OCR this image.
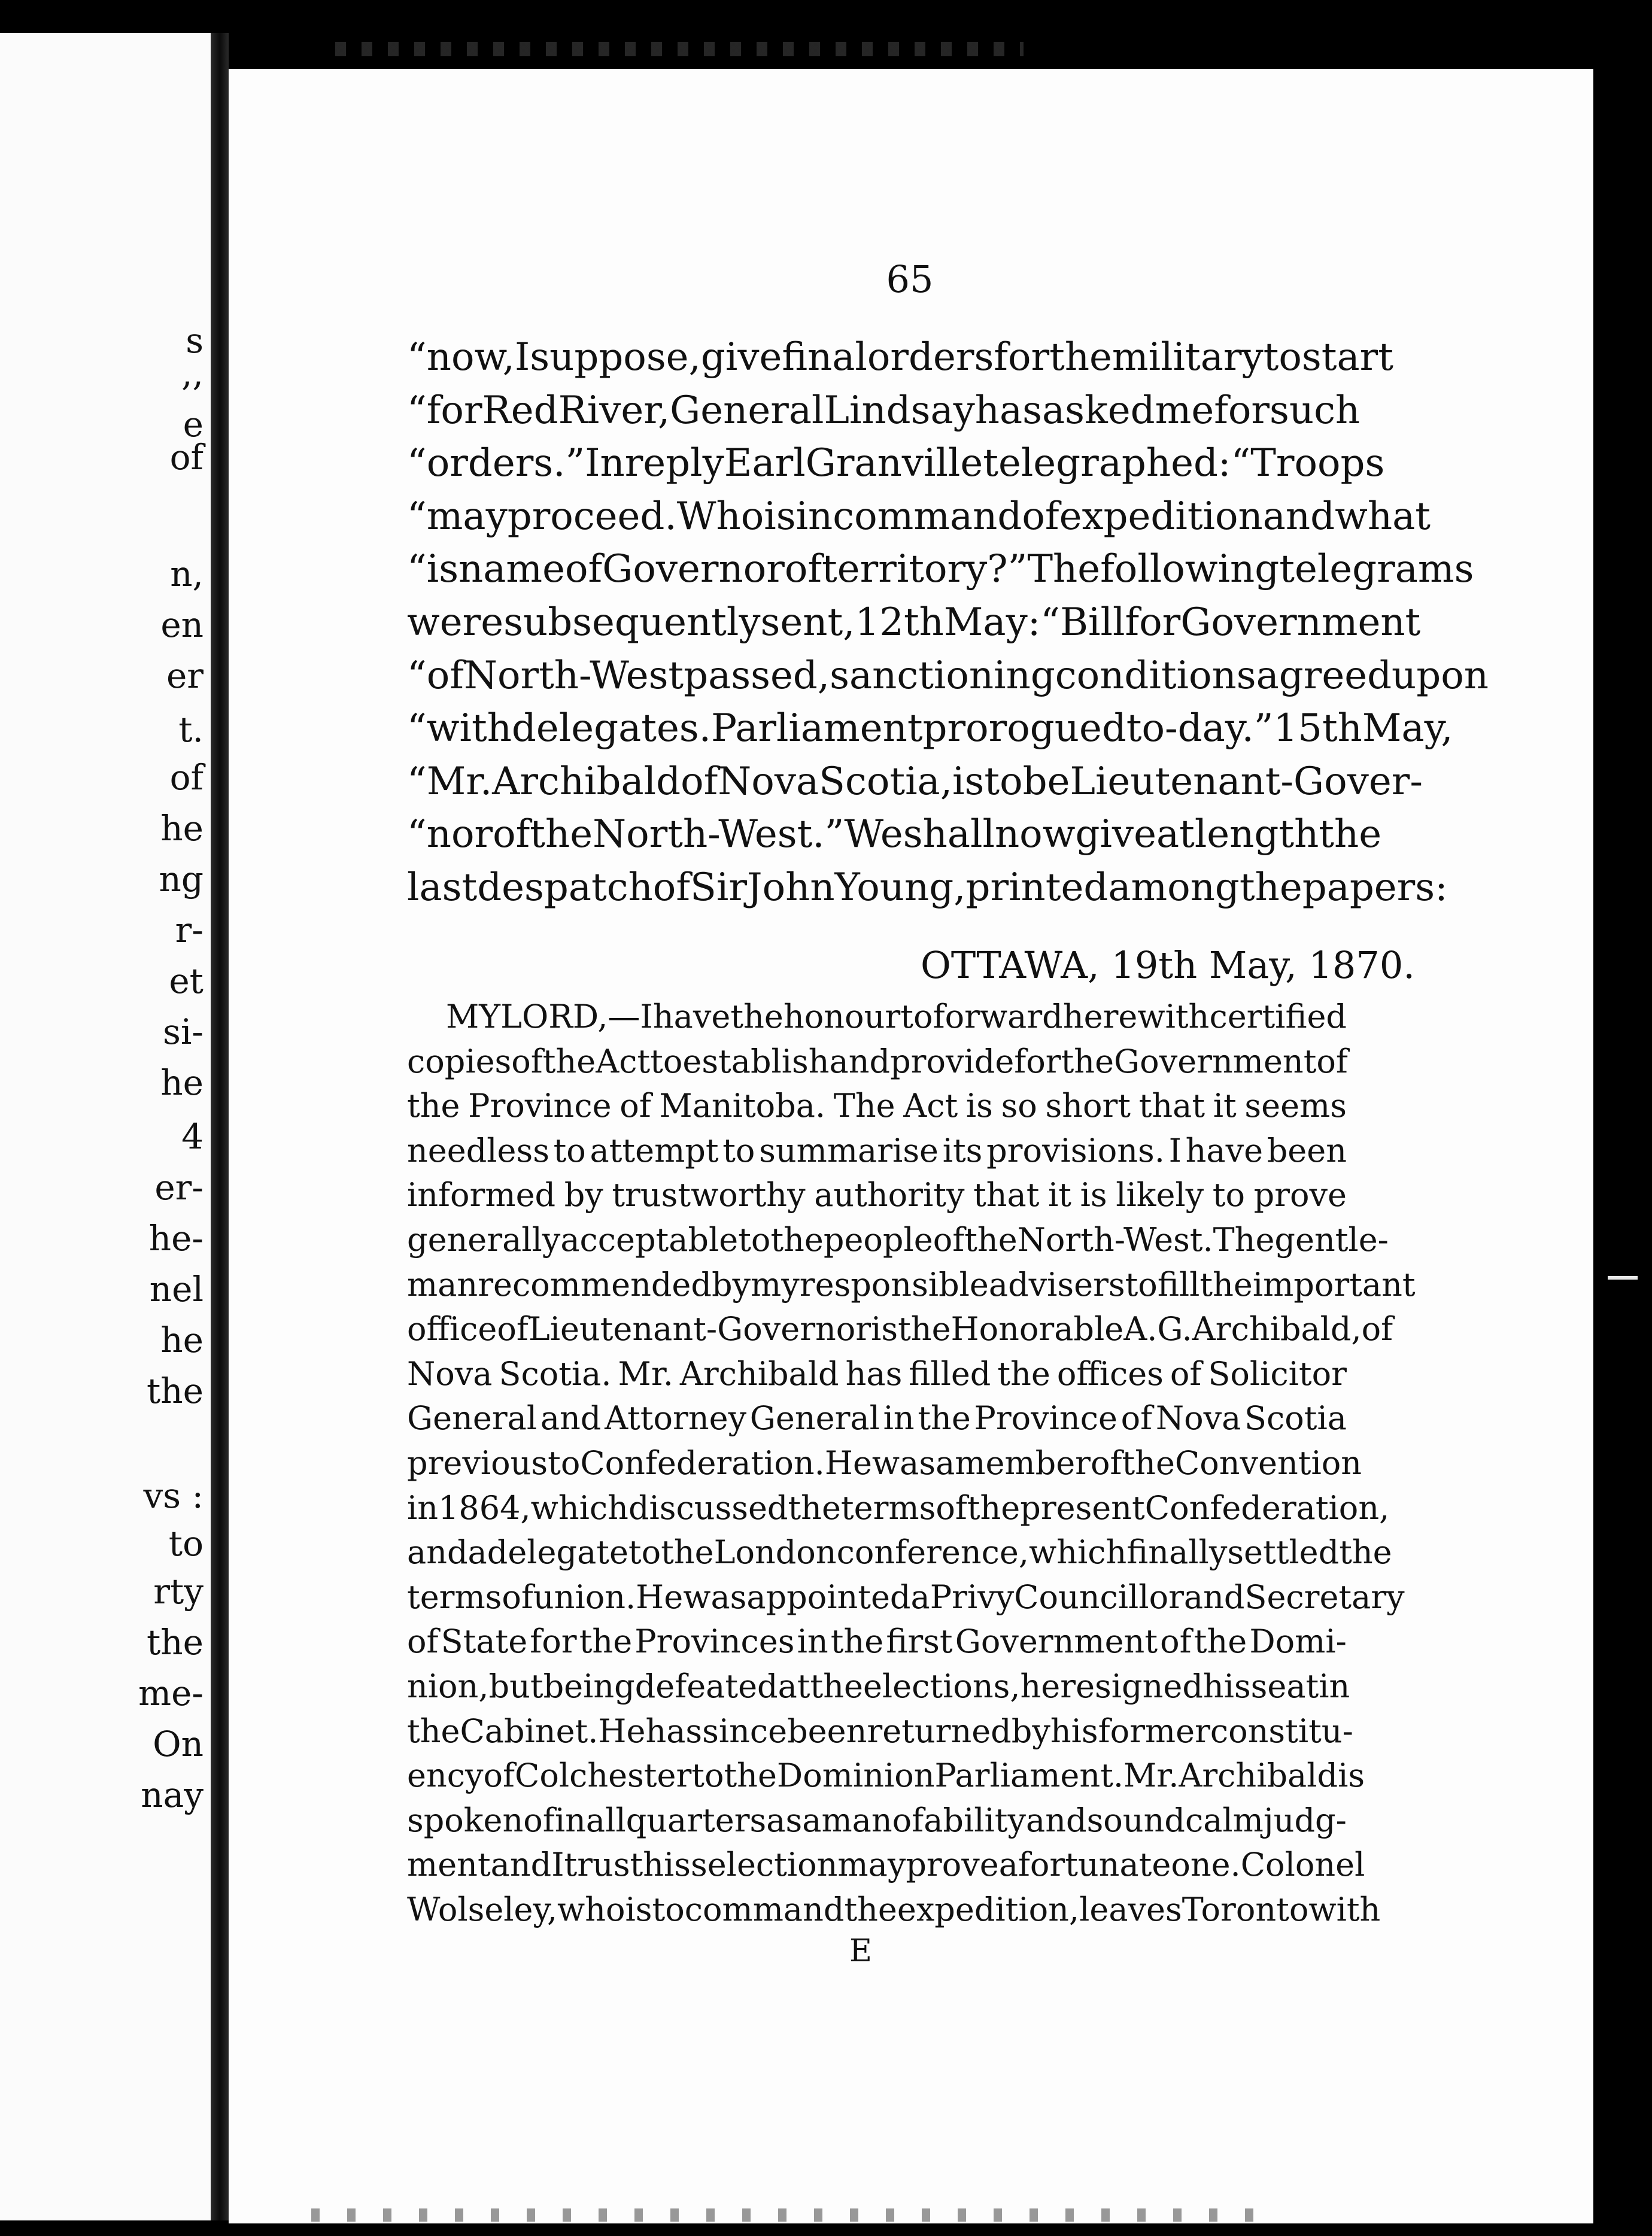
s
,,
e
of
n,
en
er
t.
of
he
ng
r-
et
si-
he
4
er-
he-
nel
he
the
vs :
to
rty
the
me-
On
nay
65
“ now, I suppose, give final orders for the military to start
“ for Red River, General Lindsay has asked me for such
“ orders.” In reply Earl Granville telegraphed : “ Troops
“ may proceed. Who is in command of expedition and what
“ is name of Governor of territory?” The following telegrams
were subsequently sent, 12th May : “ Bill for Government
“ of North-West passed, sanctioning conditions agreed upon
“ with delegates. Parliament prorogued to-day.” 15th May,
“ Mr. Archibald of Nova Scotia, is to be Lieutenant-Gover-
“ nor of the North-West.” We shall now give at length the
last despatch of Sir John Young, printed among the papers :
OTTAWA, 19th May, 1870.
MY LORD,—I have the honour to forward herewith certified
copies of the Act to establish and provide for the Government of
the Province of Manitoba. The Act is so short that it seems
needless to attempt to summarise its provisions. I have been
informed by trustworthy authority that it is likely to prove
generally acceptable to the people of the North-West. The gentle-
man recommended by my responsible advisers to fill the important
office of Lieutenant-Governor is the Honorable A. G. Archibald, of
Nova Scotia. Mr. Archibald has filled the offices of Solicitor
General and Attorney General in the Province of Nova Scotia
previous to Confederation. He was a member of the Convention
in 1864, which discussed the terms of the present Confederation,
and a delegate to the London conference, which finally settled the
terms of union. He was appointed a Privy Councillor and Secretary
of State for the Provinces in the first Government of the Domi-
nion, but being defeated at the elections, he resigned his seat in
the Cabinet. He has since been returned by his former constitu-
ency of Colchester to the Dominion Parliament. Mr. Archibald is
spoken of in all quarters as a man of ability and sound calm judg-
ment and I trust his selection may prove a fortunate one. Colonel
Wolseley, who is to command the expedition, leaves Toronto with
E
